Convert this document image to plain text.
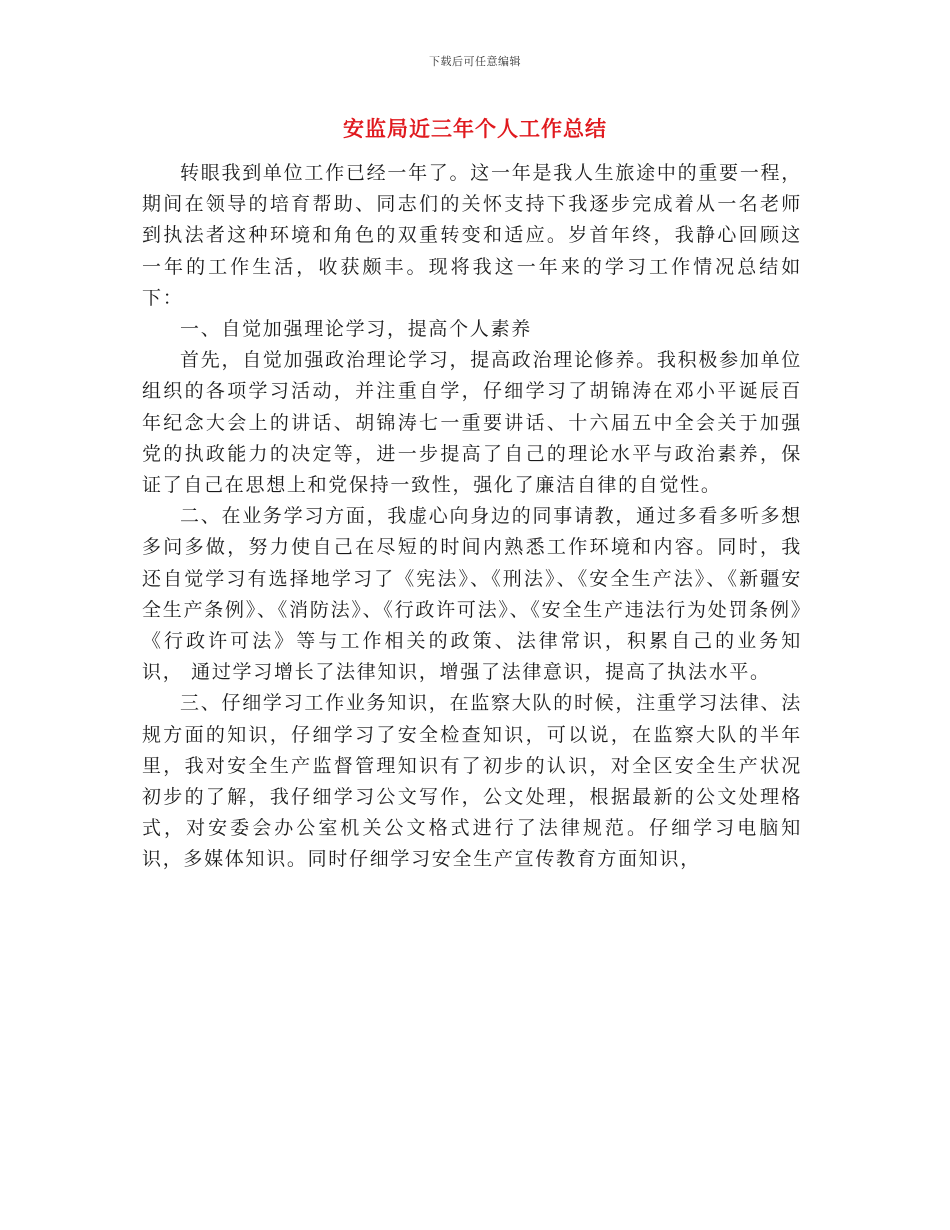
下载后可任意编辑
安监局近三年个人工作总结

转眼我到单位工作已经一年了。这一年是我人生旅途中的重要一程，期间在领导的培育帮助、同志们的关怀支持下我逐步完成着从一名老师到执法者这种环境和角色的双重转变和适应。岁首年终，我静心回顾这一年的工作生活，收获颇丰。现将我这一年来的学习工作情况总结如下：

一、自觉加强理论学习，提高个人素养

首先，自觉加强政治理论学习，提高政治理论修养。我积极参加单位组织的各项学习活动，并注重自学，仔细学习了胡锦涛在邓小平诞辰百年纪念大会上的讲话、胡锦涛七一重要讲话、十六届五中全会关于加强党的执政能力的决定等，进一步提高了自己的理论水平与政治素养，保证了自己在思想上和党保持一致性，强化了廉洁自律的自觉性。

二、在业务学习方面，我虚心向身边的同事请教，通过多看多听多想多问多做，努力使自己在尽短的时间内熟悉工作环境和内容。同时，我还自觉学习有选择地学习了《宪法》、《刑法》、《安全生产法》、《新疆安全生产条例》、《消防法》、《行政许可法》、《安全生产违法行为处罚条例》《行政许可法》等与工作相关的政策、法律常识，积累自己的业务知识， 通过学习增长了法律知识，增强了法律意识，提高了执法水平。

三、仔细学习工作业务知识，在监察大队的时候，注重学习法律、法规方面的知识，仔细学习了安全检查知识，可以说，在监察大队的半年里，我对安全生产监督管理知识有了初步的认识，对全区安全生产状况初步的了解，我仔细学习公文写作，公文处理，根据最新的公文处理格式，对安委会办公室机关公文格式进行了法律规范。仔细学习电脑知识，多媒体知识。同时仔细学习安全生产宣传教育方面知识，
